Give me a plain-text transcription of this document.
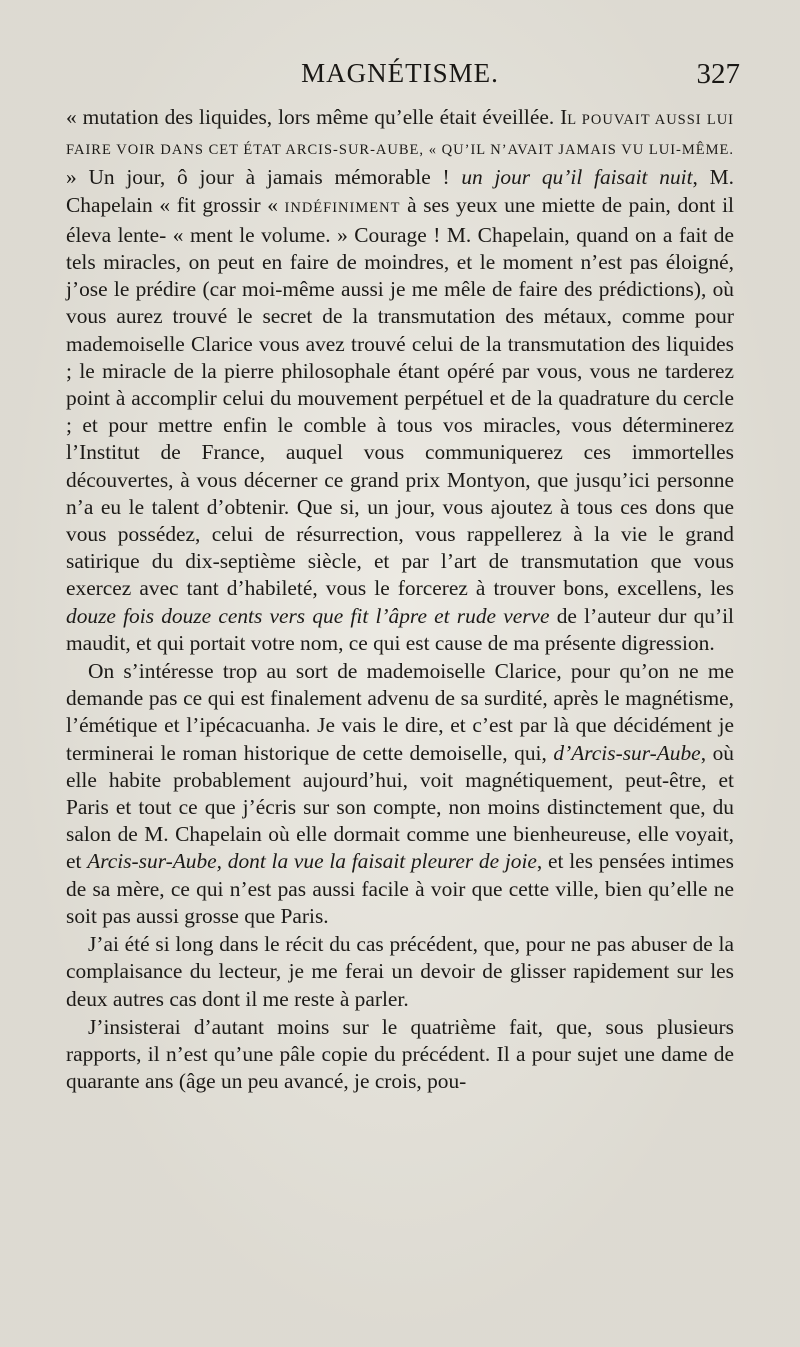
MAGNÉTISME.	327

« mutation des liquides, lors même qu’elle était éveillée. IL POUVAIT AUSSI LUI FAIRE VOIR DANS CET ÉTAT ARCIS-SUR-AUBE, « QU’IL N’AVAIT JAMAIS VU LUI-MÊME. » Un jour, ô jour à jamais mémorable ! un jour qu’il faisait nuit, M. Chapelain « fit grossir « INDÉFINIMENT à ses yeux une miette de pain, dont il éleva lente- « ment le volume. » Courage ! M. Chapelain, quand on a fait de tels miracles, on peut en faire de moindres, et le moment n’est pas éloigné, j’ose le prédire (car moi-même aussi je me mêle de faire des prédictions), où vous aurez trouvé le secret de la transmutation des métaux, comme pour mademoiselle Clarice vous avez trouvé celui de la transmutation des liquides ; le miracle de la pierre philosophale étant opéré par vous, vous ne tarderez point à accomplir celui du mouvement perpétuel et de la quadrature du cercle ; et pour mettre enfin le comble à tous vos miracles, vous déterminerez l’Institut de France, auquel vous communiquerez ces immortelles découvertes, à vous décerner ce grand prix Montyon, que jusqu’ici personne n’a eu le talent d’obtenir. Que si, un jour, vous ajoutez à tous ces dons que vous possédez, celui de résurrection, vous rappellerez à la vie le grand satirique du dix-septième siècle, et par l’art de transmutation que vous exercez avec tant d’habileté, vous le forcerez à trouver bons, excellens, les douze fois douze cents vers que fit l’âpre et rude verve de l’auteur dur qu’il maudit, et qui portait votre nom, ce qui est cause de ma présente digression.

On s’intéresse trop au sort de mademoiselle Clarice, pour qu’on ne me demande pas ce qui est finalement advenu de sa surdité, après le magnétisme, l’émétique et l’ipécacuanha. Je vais le dire, et c’est par là que décidément je terminerai le roman historique de cette demoiselle, qui, d’Arcis-sur-Aube, où elle habite probablement aujourd’hui, voit magnétiquement, peut-être, et Paris et tout ce que j’écris sur son compte, non moins distinctement que, du salon de M. Chapelain où elle dormait comme une bienheureuse, elle voyait, et Arcis-sur-Aube, dont la vue la faisait pleurer de joie, et les pensées intimes de sa mère, ce qui n’est pas aussi facile à voir que cette ville, bien qu’elle ne soit pas aussi grosse que Paris.

J’ai été si long dans le récit du cas précédent, que, pour ne pas abuser de la complaisance du lecteur, je me ferai un devoir de glisser rapidement sur les deux autres cas dont il me reste à parler.

J’insisterai d’autant moins sur le quatrième fait, que, sous plusieurs rapports, il n’est qu’une pâle copie du précédent. Il a pour sujet une dame de quarante ans (âge un peu avancé, je crois, pou-
